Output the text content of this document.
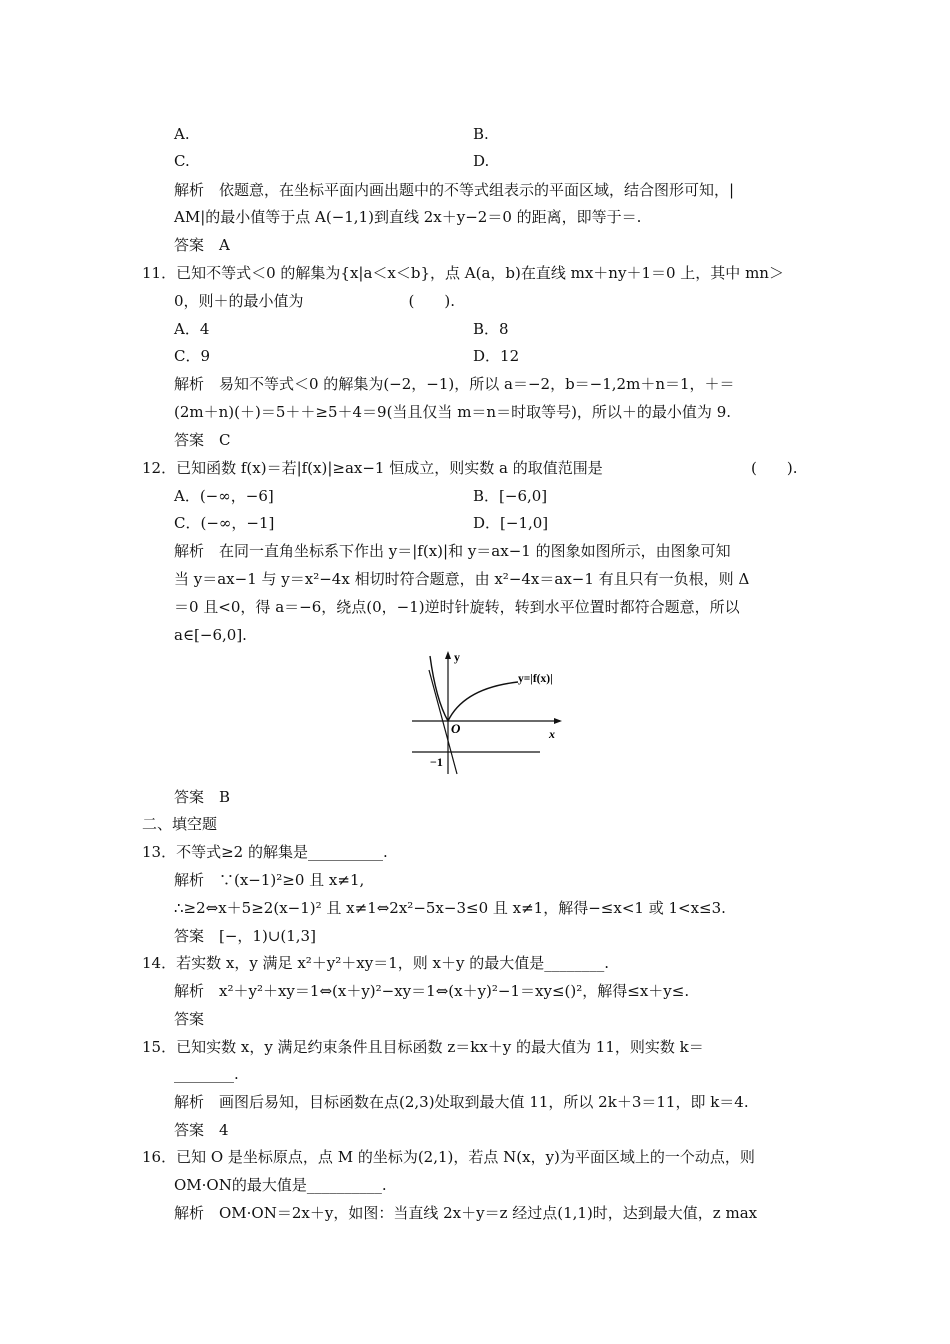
A.	B.
C.	D.
解析　依题意，在坐标平面内画出题中的不等式组表示的平面区域，结合图形可知，|
AM|的最小值等于点 A(−1,1)到直线 2x＋y−2＝0 的距离，即等于＝.
答案　A
11．已知不等式＜0 的解集为{x|a＜x＜b}，点 A(a，b)在直线 mx＋ny＋1＝0 上，其中 mn＞
0，则＋的最小值为　　　　　　　(　　).
A．4	B．8
C．9	D．12
解析　易知不等式＜0 的解集为(−2，−1)，所以 a＝−2，b＝−1,2m＋n＝1，＋＝
(2m＋n)(＋)＝5＋＋≥5＋4＝9(当且仅当 m＝n＝时取等号)，所以＋的最小值为 9.
答案　C
12．已知函数 f(x)＝若|f(x)|≥ax−1 恒成立，则实数 a 的取值范围是	(　　).
A．(−∞，−6]	B．[−6,0]
C．(−∞，−1]	D．[−1,0]
解析　在同一直角坐标系下作出 y＝|f(x)|和 y＝ax−1 的图象如图所示，由图象可知
当 y＝ax−1 与 y＝x²−4x 相切时符合题意，由 x²−4x＝ax−1 有且只有一负根，则 Δ
＝0 且<0，得 a＝−6，绕点(0，−1)逆时针旋转，转到水平位置时都符合题意，所以
a∈[−6,0].
y
x
O
y=|f(x)|
−1
答案　B
二、填空题
13．不等式≥2 的解集是__________.
解析　∵(x−1)²≥0 且 x≠1,
∴≥2⇔x＋5≥2(x−1)² 且 x≠1⇔2x²−5x−3≤0 且 x≠1，解得−≤x<1 或 1<x≤3.
答案　[−，1)∪(1,3]
14．若实数 x，y 满足 x²＋y²＋xy＝1，则 x＋y 的最大值是________.
解析　x²＋y²＋xy＝1⇔(x＋y)²−xy＝1⇔(x＋y)²−1＝xy≤()²，解得≤x＋y≤.
答案
15．已知实数 x，y 满足约束条件且目标函数 z＝kx＋y 的最大值为 11，则实数 k＝
________.
解析　画图后易知，目标函数在点(2,3)处取到最大值 11，所以 2k＋3＝11，即 k＝4.
答案　4
16．已知 O 是坐标原点，点 M 的坐标为(2,1)，若点 N(x，y)为平面区域上的一个动点，则
OM·ON的最大值是__________.
解析　OM·ON＝2x＋y，如图：当直线 2x＋y＝z 经过点(1,1)时，达到最大值，z max
